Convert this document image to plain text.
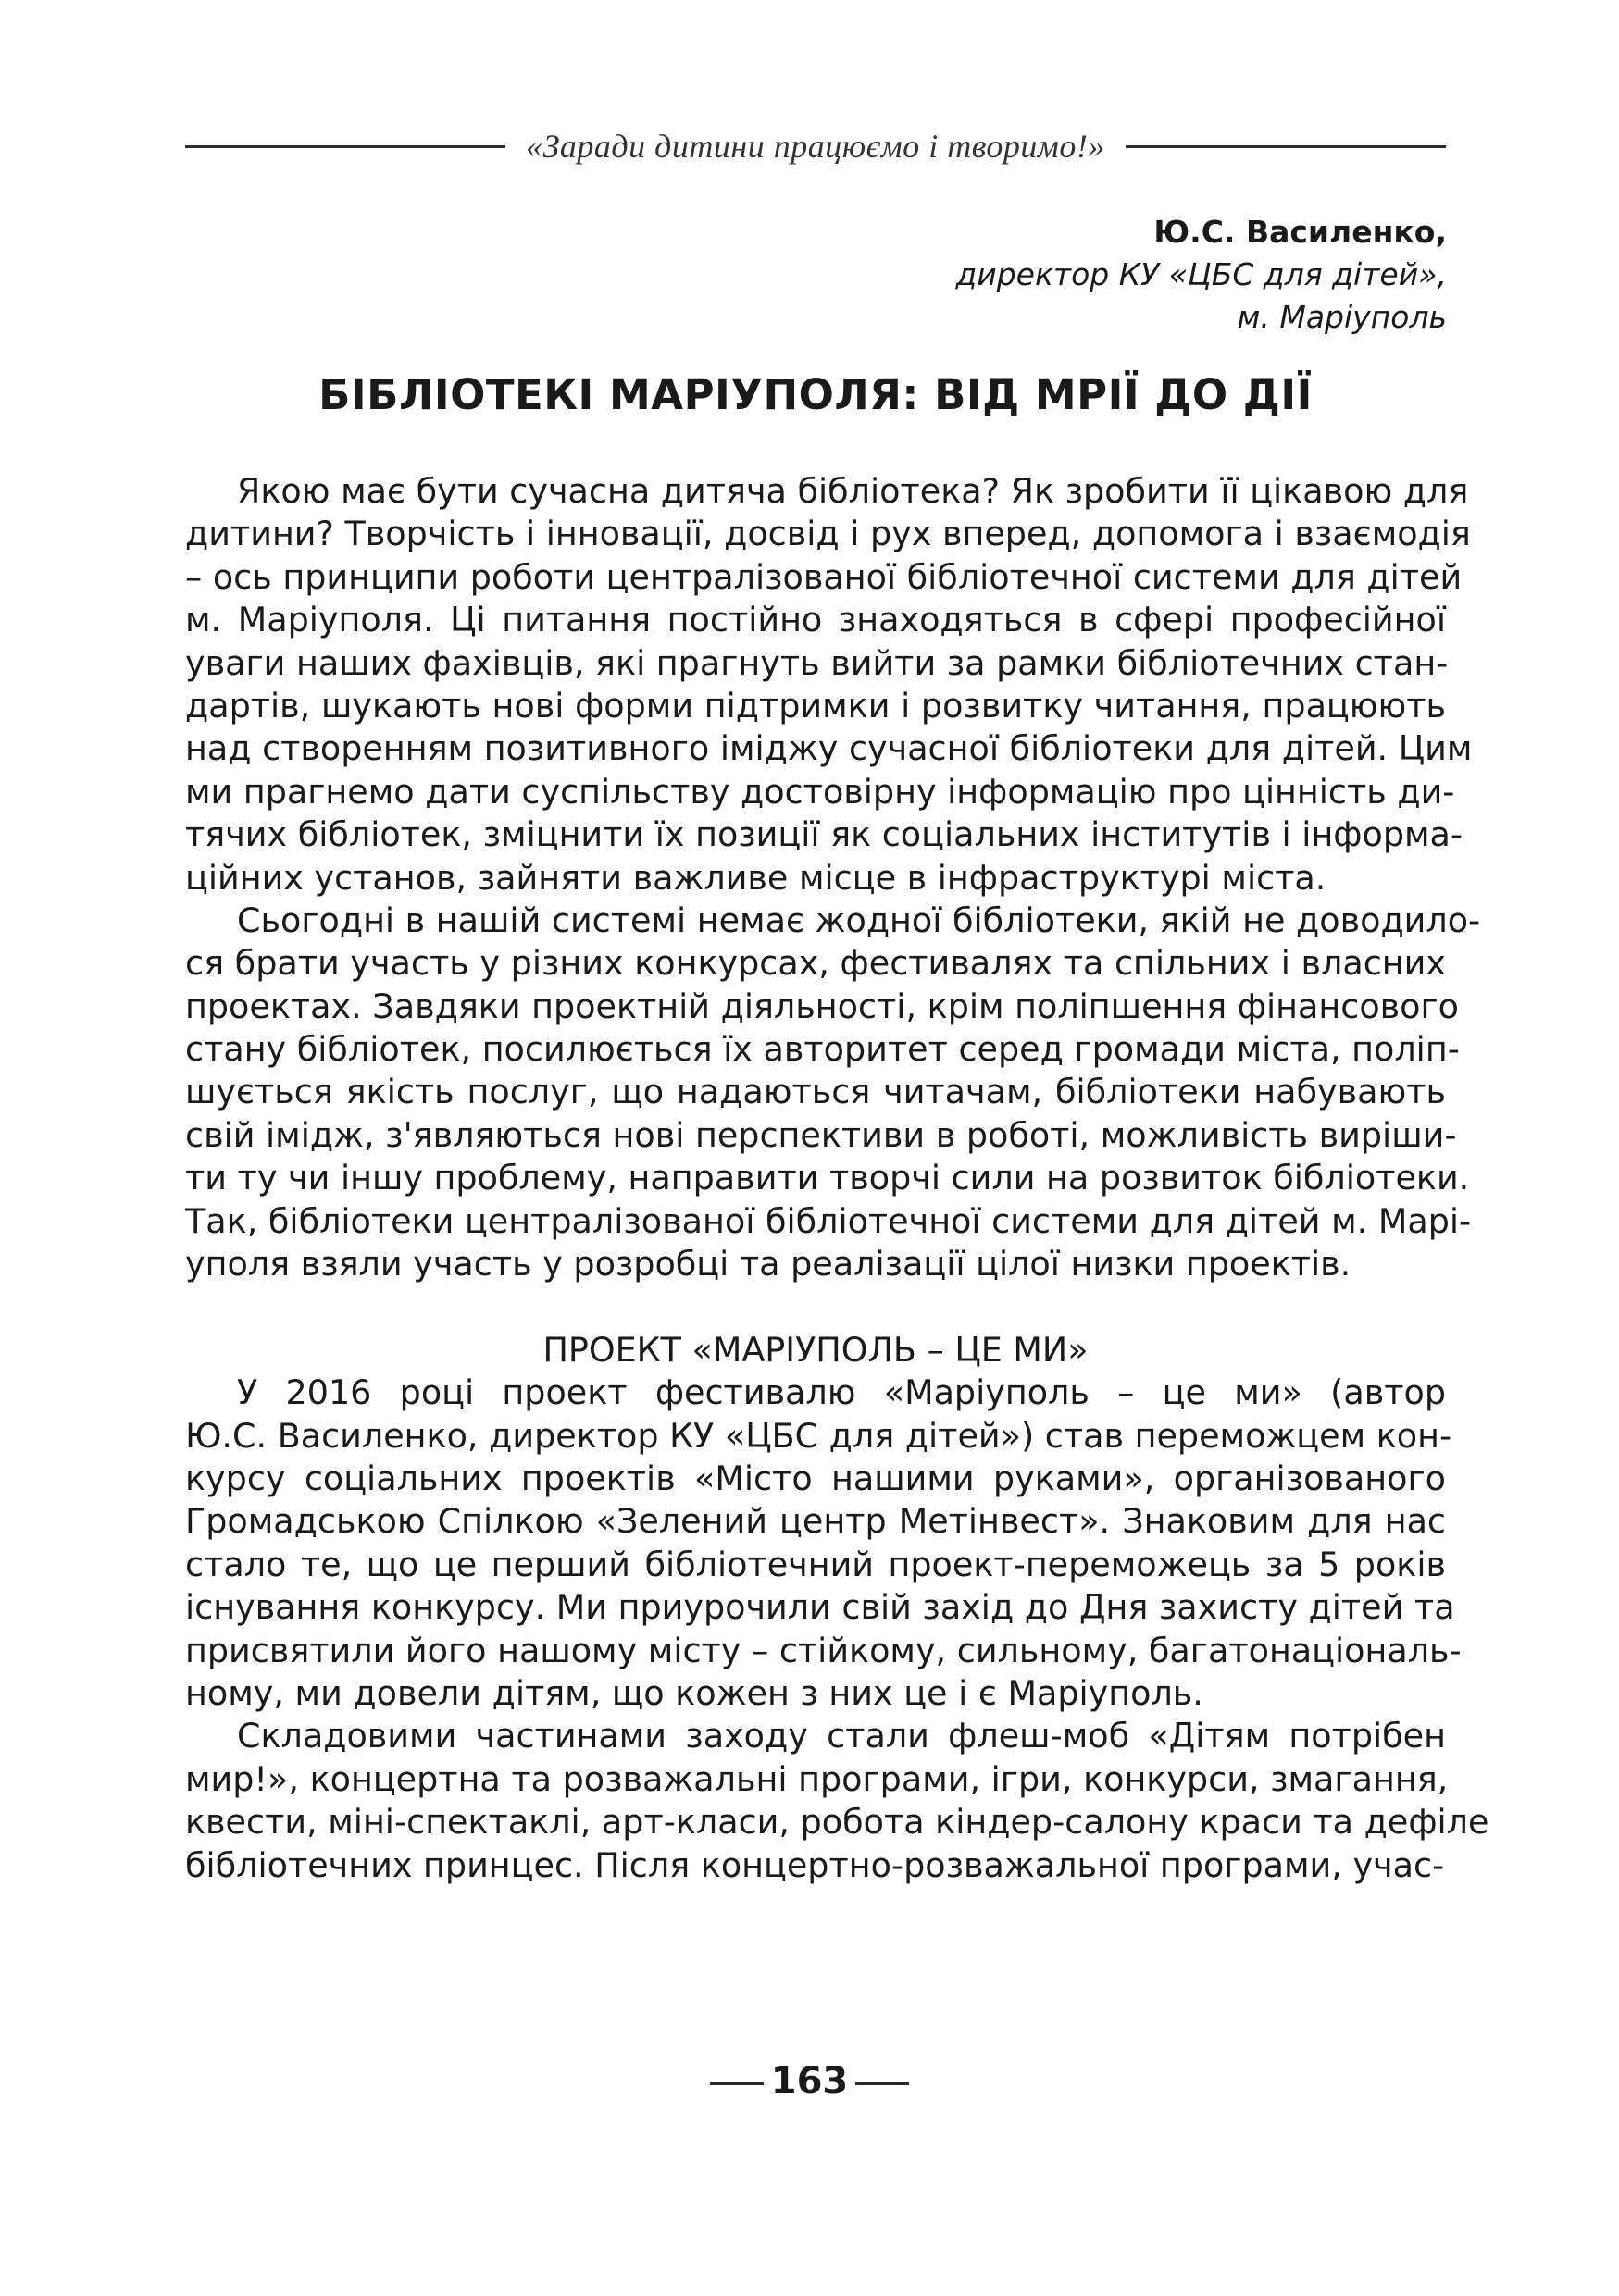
«Заради дитини працюємо і творимо!»
Ю.С. Василенко,
директор КУ «ЦБС для дітей»,
м. Маріуполь
БІБЛІОТЕКІ МАРІУПОЛЯ: ВІД МРІЇ ДО ДІЇ
Якою має бути сучасна дитяча бібліотека? Як зробити її цікавою для
дитини? Творчість і інновації, досвід і рух вперед, допомога і взаємодія
– ось принципи роботи централізованої бібліотечної системи для дітей
м. Маріуполя. Ці питання постійно знаходяться в сфері професійної
уваги наших фахівців, які прагнуть вийти за рамки бібліотечних стан-
дартів, шукають нові форми підтримки і розвитку читання, працюють
над створенням позитивного іміджу сучасної бібліотеки для дітей. Цим
ми прагнемо дати суспільству достовірну інформацію про цінність ди-
тячих бібліотек, зміцнити їх позиції як соціальних інститутів і інформа-
ційних установ, зайняти важливе місце в інфраструктурі міста.
Сьогодні в нашій системі немає жодної бібліотеки, якій не доводило-
ся брати участь у різних конкурсах, фестивалях та спільних і власних
проектах. Завдяки проектній діяльності, крім поліпшення фінансового
стану бібліотек, посилюється їх авторитет серед громади міста, поліп-
шується якість послуг, що надаються читачам, бібліотеки набувають
свій імідж, з'являються нові перспективи в роботі, можливість виріши-
ти ту чи іншу проблему, направити творчі сили на розвиток бібліотеки.
Так, бібліотеки централізованої бібліотечної системи для дітей м. Марі-
уполя взяли участь у розробці та реалізації цілої низки проектів.
ПРОЕКТ «МАРІУПОЛЬ – ЦЕ МИ»
У 2016 році проект фестивалю «Маріуполь – це ми» (автор
Ю.С. Василенко, директор КУ «ЦБС для дітей») став переможцем кон-
курсу соціальних проектів «Місто нашими руками», організованого
Громадською Спілкою «Зелений центр Метінвест». Знаковим для нас
стало те, що це перший бібліотечний проект-переможець за 5 років
існування конкурсу. Ми приурочили свій захід до Дня захисту дітей та
присвятили його нашому місту – стійкому, сильному, багатонаціональ-
ному, ми довели дітям, що кожен з них це і є Маріуполь.
Складовими частинами заходу стали флеш-моб «Дітям потрібен
мир!», концертна та розважальні програми, ігри, конкурси, змагання,
квести, міні-спектаклі, арт-класи, робота кіндер-салону краси та дефіле
бібліотечних принцес. Після концертно-розважальної програми, учас-
163
